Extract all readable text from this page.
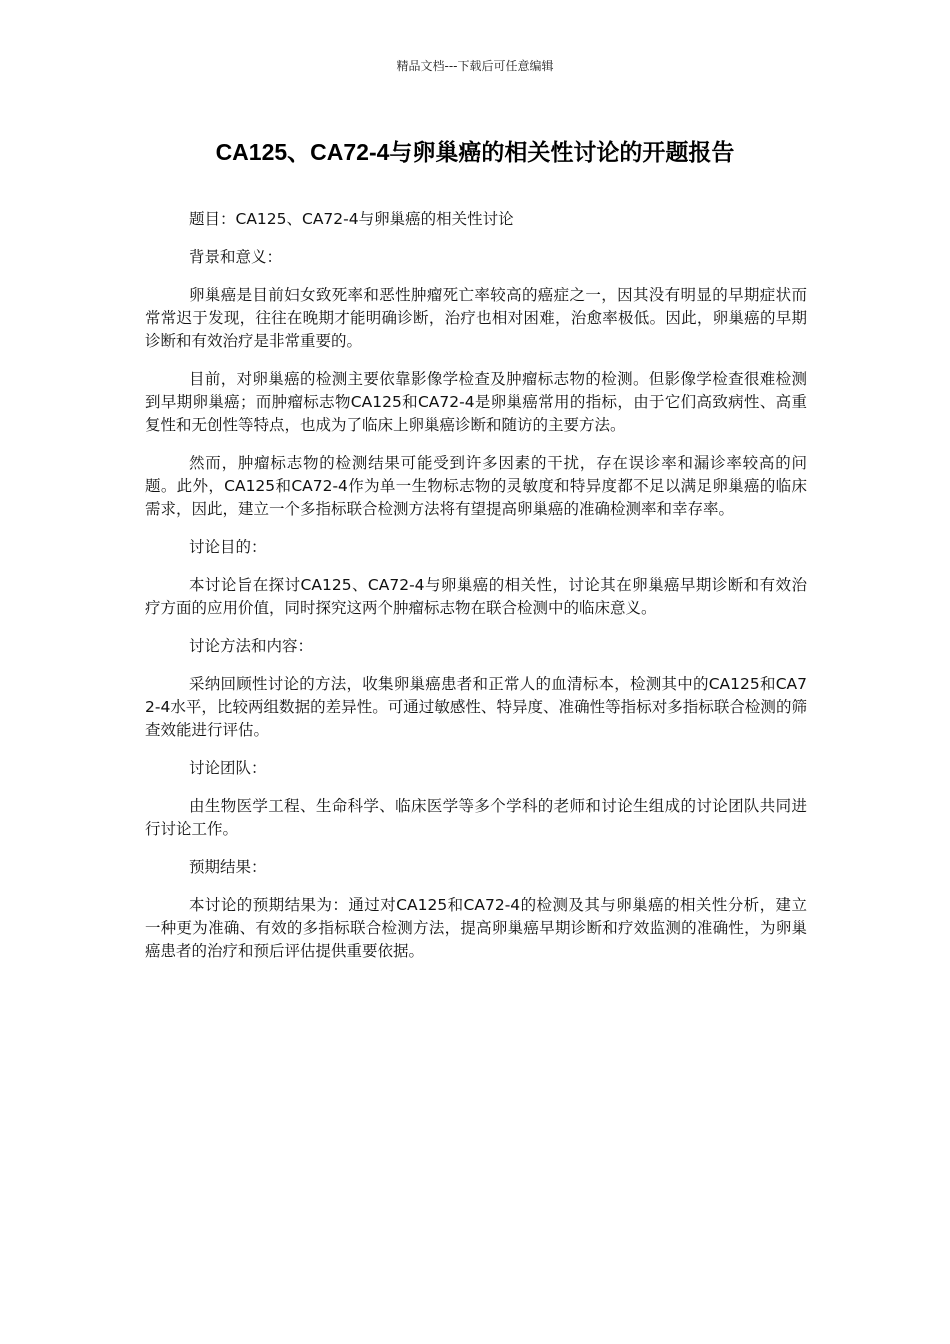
精品文档---下载后可任意编辑
CA125、CA72-4与卵巢癌的相关性讨论的开题报告

题目：CA125、CA72-4与卵巢癌的相关性讨论

背景和意义：

卵巢癌是目前妇女致死率和恶性肿瘤死亡率较高的癌症之一，因其没有明显的早期症状而常常迟于发现，往往在晚期才能明确诊断，治疗也相对困难，治愈率极低。因此，卵巢癌的早期诊断和有效治疗是非常重要的。

目前，对卵巢癌的检测主要依靠影像学检查及肿瘤标志物的检测。但影像学检查很难检测到早期卵巢癌；而肿瘤标志物CA125和CA72-4是卵巢癌常用的指标，由于它们高致病性、高重复性和无创性等特点，也成为了临床上卵巢癌诊断和随访的主要方法。

然而，肿瘤标志物的检测结果可能受到许多因素的干扰，存在误诊率和漏诊率较高的问题。此外，CA125和CA72-4作为单一生物标志物的灵敏度和特异度都不足以满足卵巢癌的临床需求，因此，建立一个多指标联合检测方法将有望提高卵巢癌的准确检测率和幸存率。

讨论目的：

本讨论旨在探讨CA125、CA72-4与卵巢癌的相关性，讨论其在卵巢癌早期诊断和有效治疗方面的应用价值，同时探究这两个肿瘤标志物在联合检测中的临床意义。

讨论方法和内容：

采纳回顾性讨论的方法，收集卵巢癌患者和正常人的血清标本，检测其中的CA125和CA72-4水平，比较两组数据的差异性。可通过敏感性、特异度、准确性等指标对多指标联合检测的筛查效能进行评估。

讨论团队：

由生物医学工程、生命科学、临床医学等多个学科的老师和讨论生组成的讨论团队共同进行讨论工作。

预期结果：

本讨论的预期结果为：通过对CA125和CA72-4的检测及其与卵巢癌的相关性分析，建立一种更为准确、有效的多指标联合检测方法，提高卵巢癌早期诊断和疗效监测的准确性，为卵巢癌患者的治疗和预后评估提供重要依据。
